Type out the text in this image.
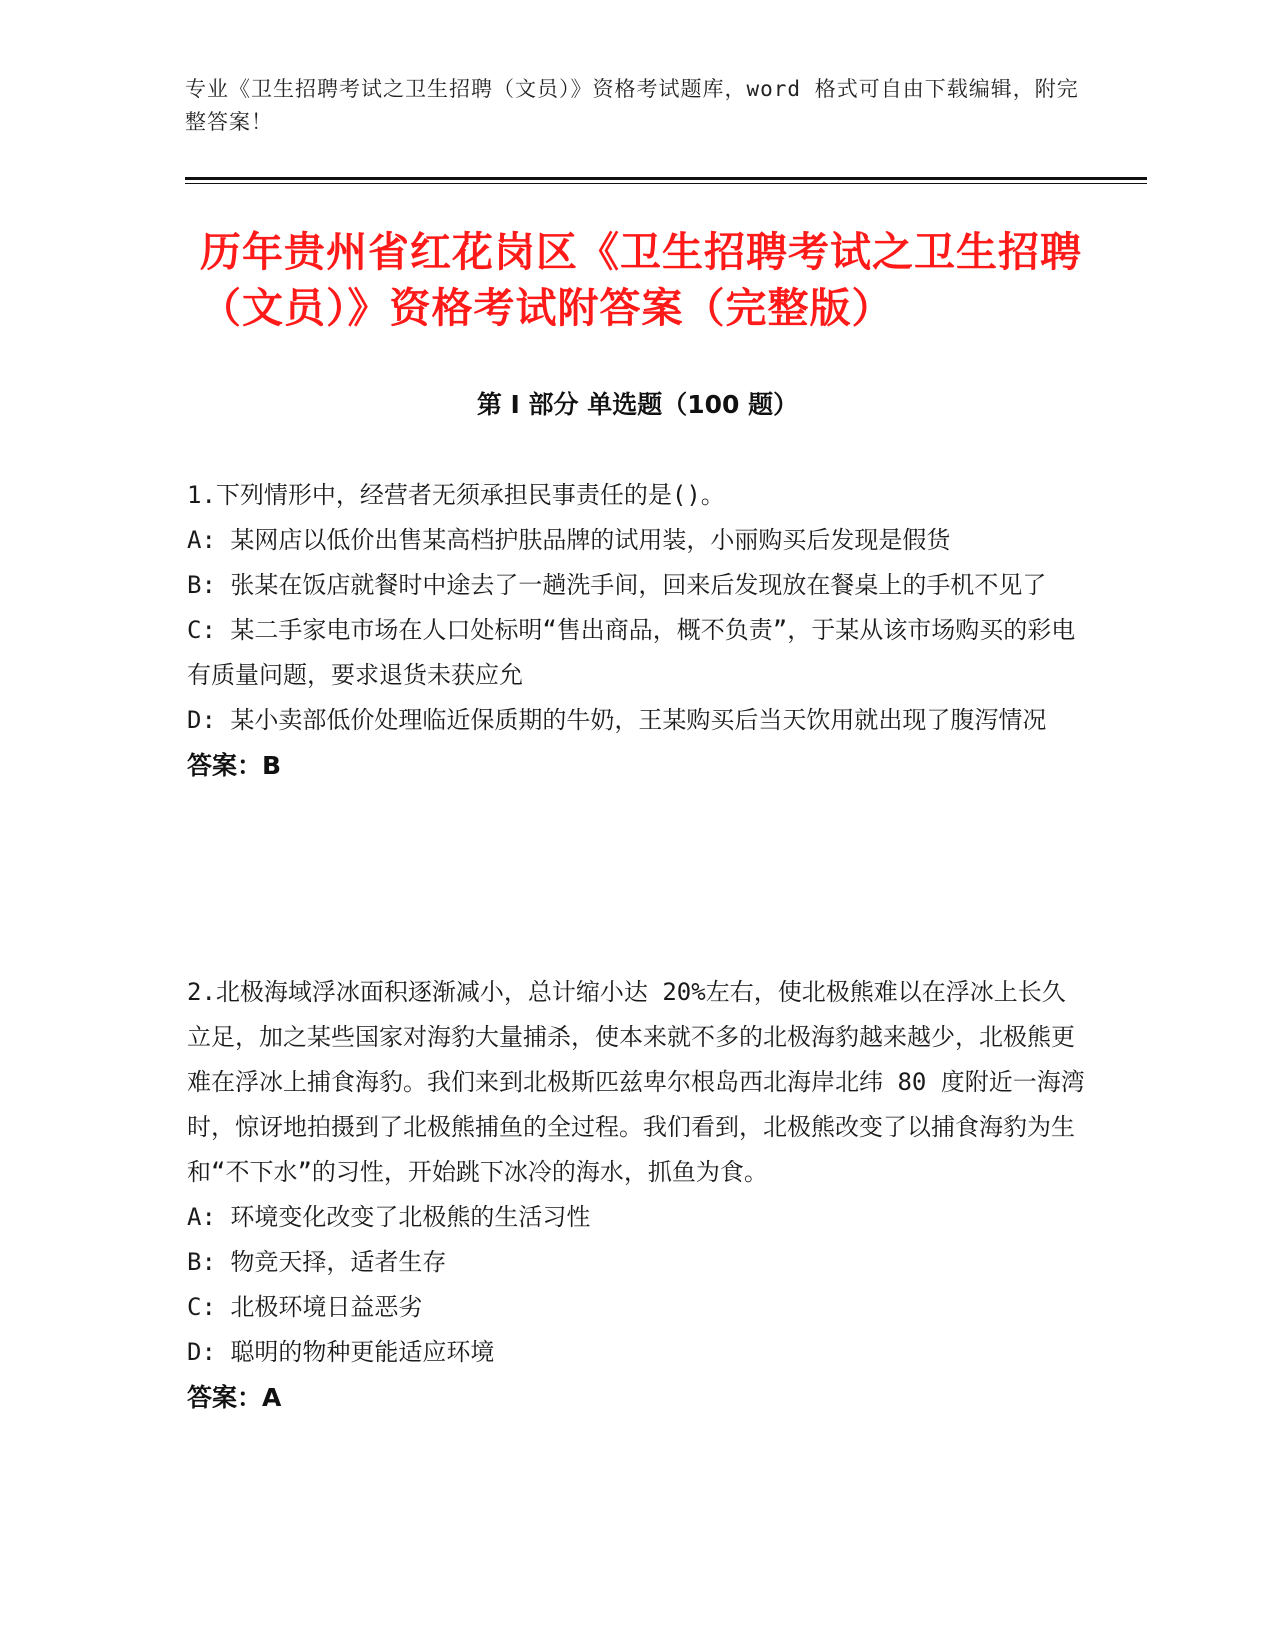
专业《卫生招聘考试之卫生招聘（文员）》资格考试题库，word 格式可自由下载编辑，附完整答案！
历年贵州省红花岗区《卫生招聘考试之卫生招聘（文员）》资格考试附答案（完整版）
第 I 部分 单选题（100 题）
1.下列情形中，经营者无须承担民事责任的是()。
A: 某网店以低价出售某高档护肤品牌的试用装，小丽购买后发现是假货
B: 张某在饭店就餐时中途去了一趟洗手间，回来后发现放在餐桌上的手机不见了
C: 某二手家电市场在人口处标明“售出商品，概不负责”，于某从该市场购买的彩电有质量问题，要求退货未获应允
D: 某小卖部低价处理临近保质期的牛奶，王某购买后当天饮用就出现了腹泻情况
答案：B
2.北极海域浮冰面积逐渐减小，总计缩小达 20%左右，使北极熊难以在浮冰上长久立足，加之某些国家对海豹大量捕杀，使本来就不多的北极海豹越来越少，北极熊更难在浮冰上捕食海豹。我们来到北极斯匹兹卑尔根岛西北海岸北纬 80 度附近一海湾时，惊讶地拍摄到了北极熊捕鱼的全过程。我们看到，北极熊改变了以捕食海豹为生和“不下水”的习性，开始跳下冰冷的海水，抓鱼为食。
A: 环境变化改变了北极熊的生活习性
B: 物竞天择，适者生存
C: 北极环境日益恶劣
D: 聪明的物种更能适应环境
答案：A
